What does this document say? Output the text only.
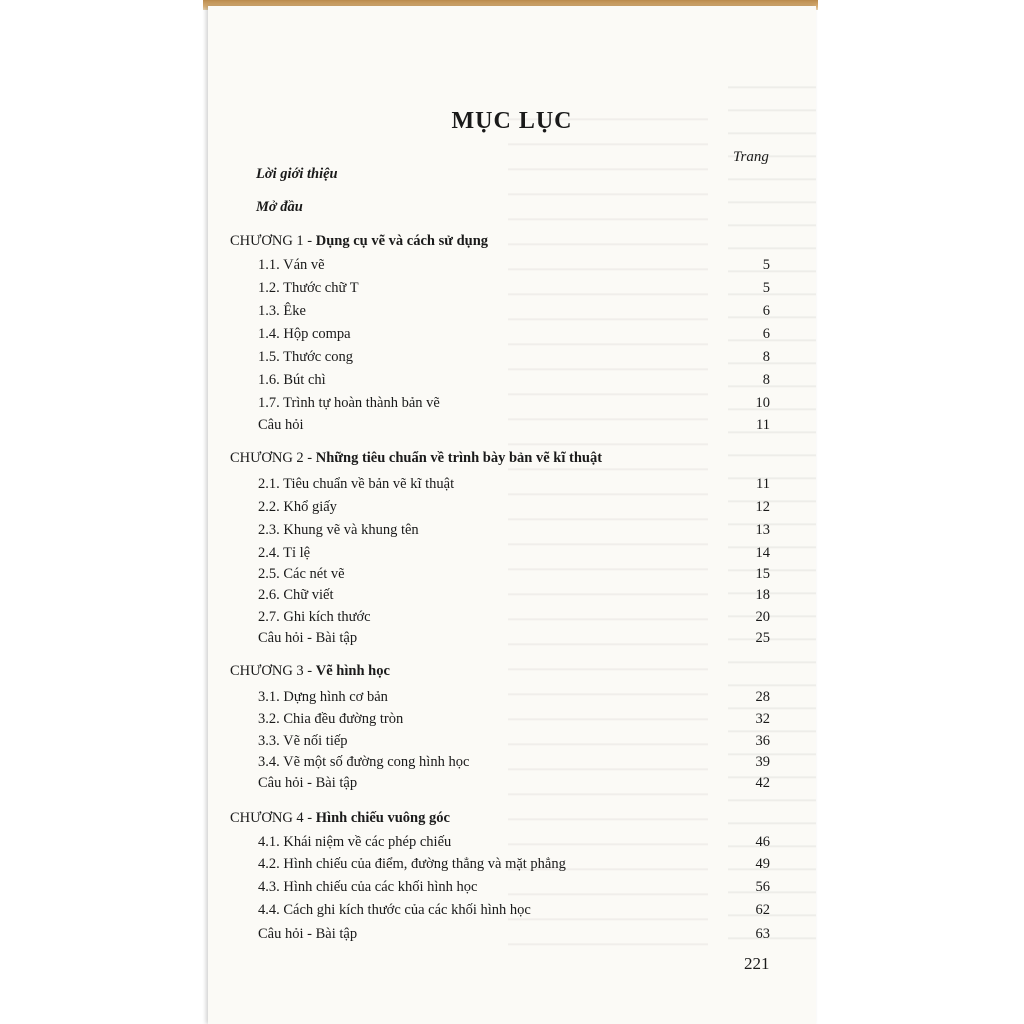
MỤC LỤC
Trang
Lời giới thiệu
Mở đầu
CHƯƠNG 1 - Dụng cụ vẽ và cách sử dụng
1.1. Ván vẽ	5
1.2. Thước chữ T	5
1.3. Êke	6
1.4. Hộp compa	6
1.5. Thước cong	8
1.6. Bút chì	8
1.7. Trình tự hoàn thành bản vẽ	10
Câu hỏi	11
CHƯƠNG 2 - Những tiêu chuẩn về trình bày bản vẽ kĩ thuật
2.1. Tiêu chuẩn về bản vẽ kĩ thuật	11
2.2. Khổ giấy	12
2.3. Khung vẽ và khung tên	13
2.4. Tỉ lệ	14
2.5. Các nét vẽ	15
2.6. Chữ viết	18
2.7. Ghi kích thước	20
Câu hỏi - Bài tập	25
CHƯƠNG 3 - Vẽ hình học
3.1. Dựng hình cơ bản	28
3.2. Chia đều đường tròn	32
3.3. Vẽ nối tiếp	36
3.4. Vẽ một số đường cong hình học	39
Câu hỏi - Bài tập	42
CHƯƠNG 4 - Hình chiếu vuông góc
4.1. Khái niệm về các phép chiếu	46
4.2. Hình chiếu của điểm, đường thẳng và mặt phẳng	49
4.3. Hình chiếu của các khối hình học	56
4.4. Cách ghi kích thước của các khối hình học	62
Câu hỏi - Bài tập	63
221
